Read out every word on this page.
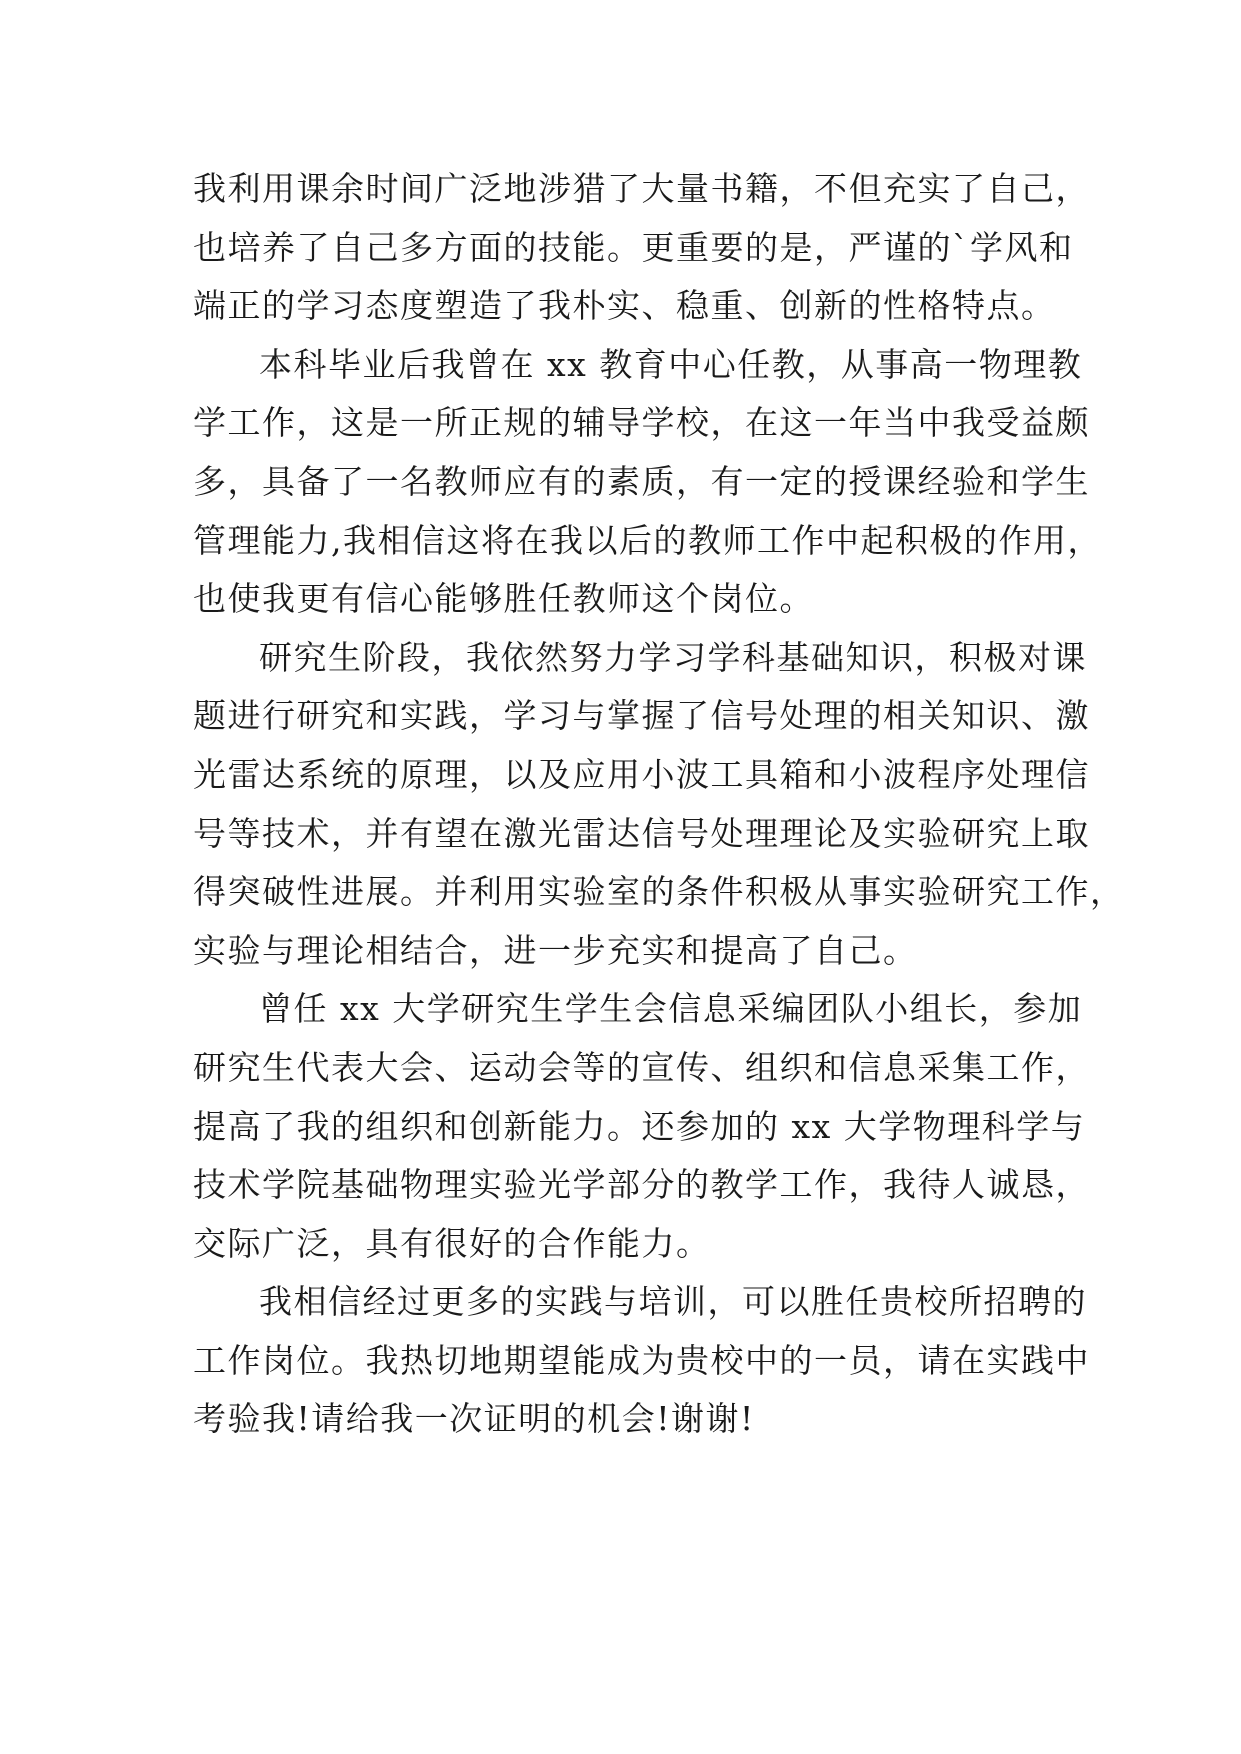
我利用课余时间广泛地涉猎了大量书籍，不但充实了自己，
也培养了自己多方面的技能。更重要的是，严谨的`学风和
端正的学习态度塑造了我朴实、稳重、创新的性格特点。
本科毕业后我曾在 xx 教育中心任教，从事高一物理教
学工作，这是一所正规的辅导学校，在这一年当中我受益颇
多，具备了一名教师应有的素质，有一定的授课经验和学生
管理能力,我相信这将在我以后的教师工作中起积极的作用，
也使我更有信心能够胜任教师这个岗位。
研究生阶段，我依然努力学习学科基础知识，积极对课
题进行研究和实践，学习与掌握了信号处理的相关知识、激
光雷达系统的原理，以及应用小波工具箱和小波程序处理信
号等技术，并有望在激光雷达信号处理理论及实验研究上取
得突破性进展。并利用实验室的条件积极从事实验研究工作，
实验与理论相结合，进一步充实和提高了自己。
曾任 xx 大学研究生学生会信息采编团队小组长，参加
研究生代表大会、运动会等的宣传、组织和信息采集工作，
提高了我的组织和创新能力。还参加的 xx 大学物理科学与
技术学院基础物理实验光学部分的教学工作，我待人诚恳，
交际广泛，具有很好的合作能力。
我相信经过更多的实践与培训，可以胜任贵校所招聘的
工作岗位。我热切地期望能成为贵校中的一员，请在实践中
考验我!请给我一次证明的机会!谢谢!
